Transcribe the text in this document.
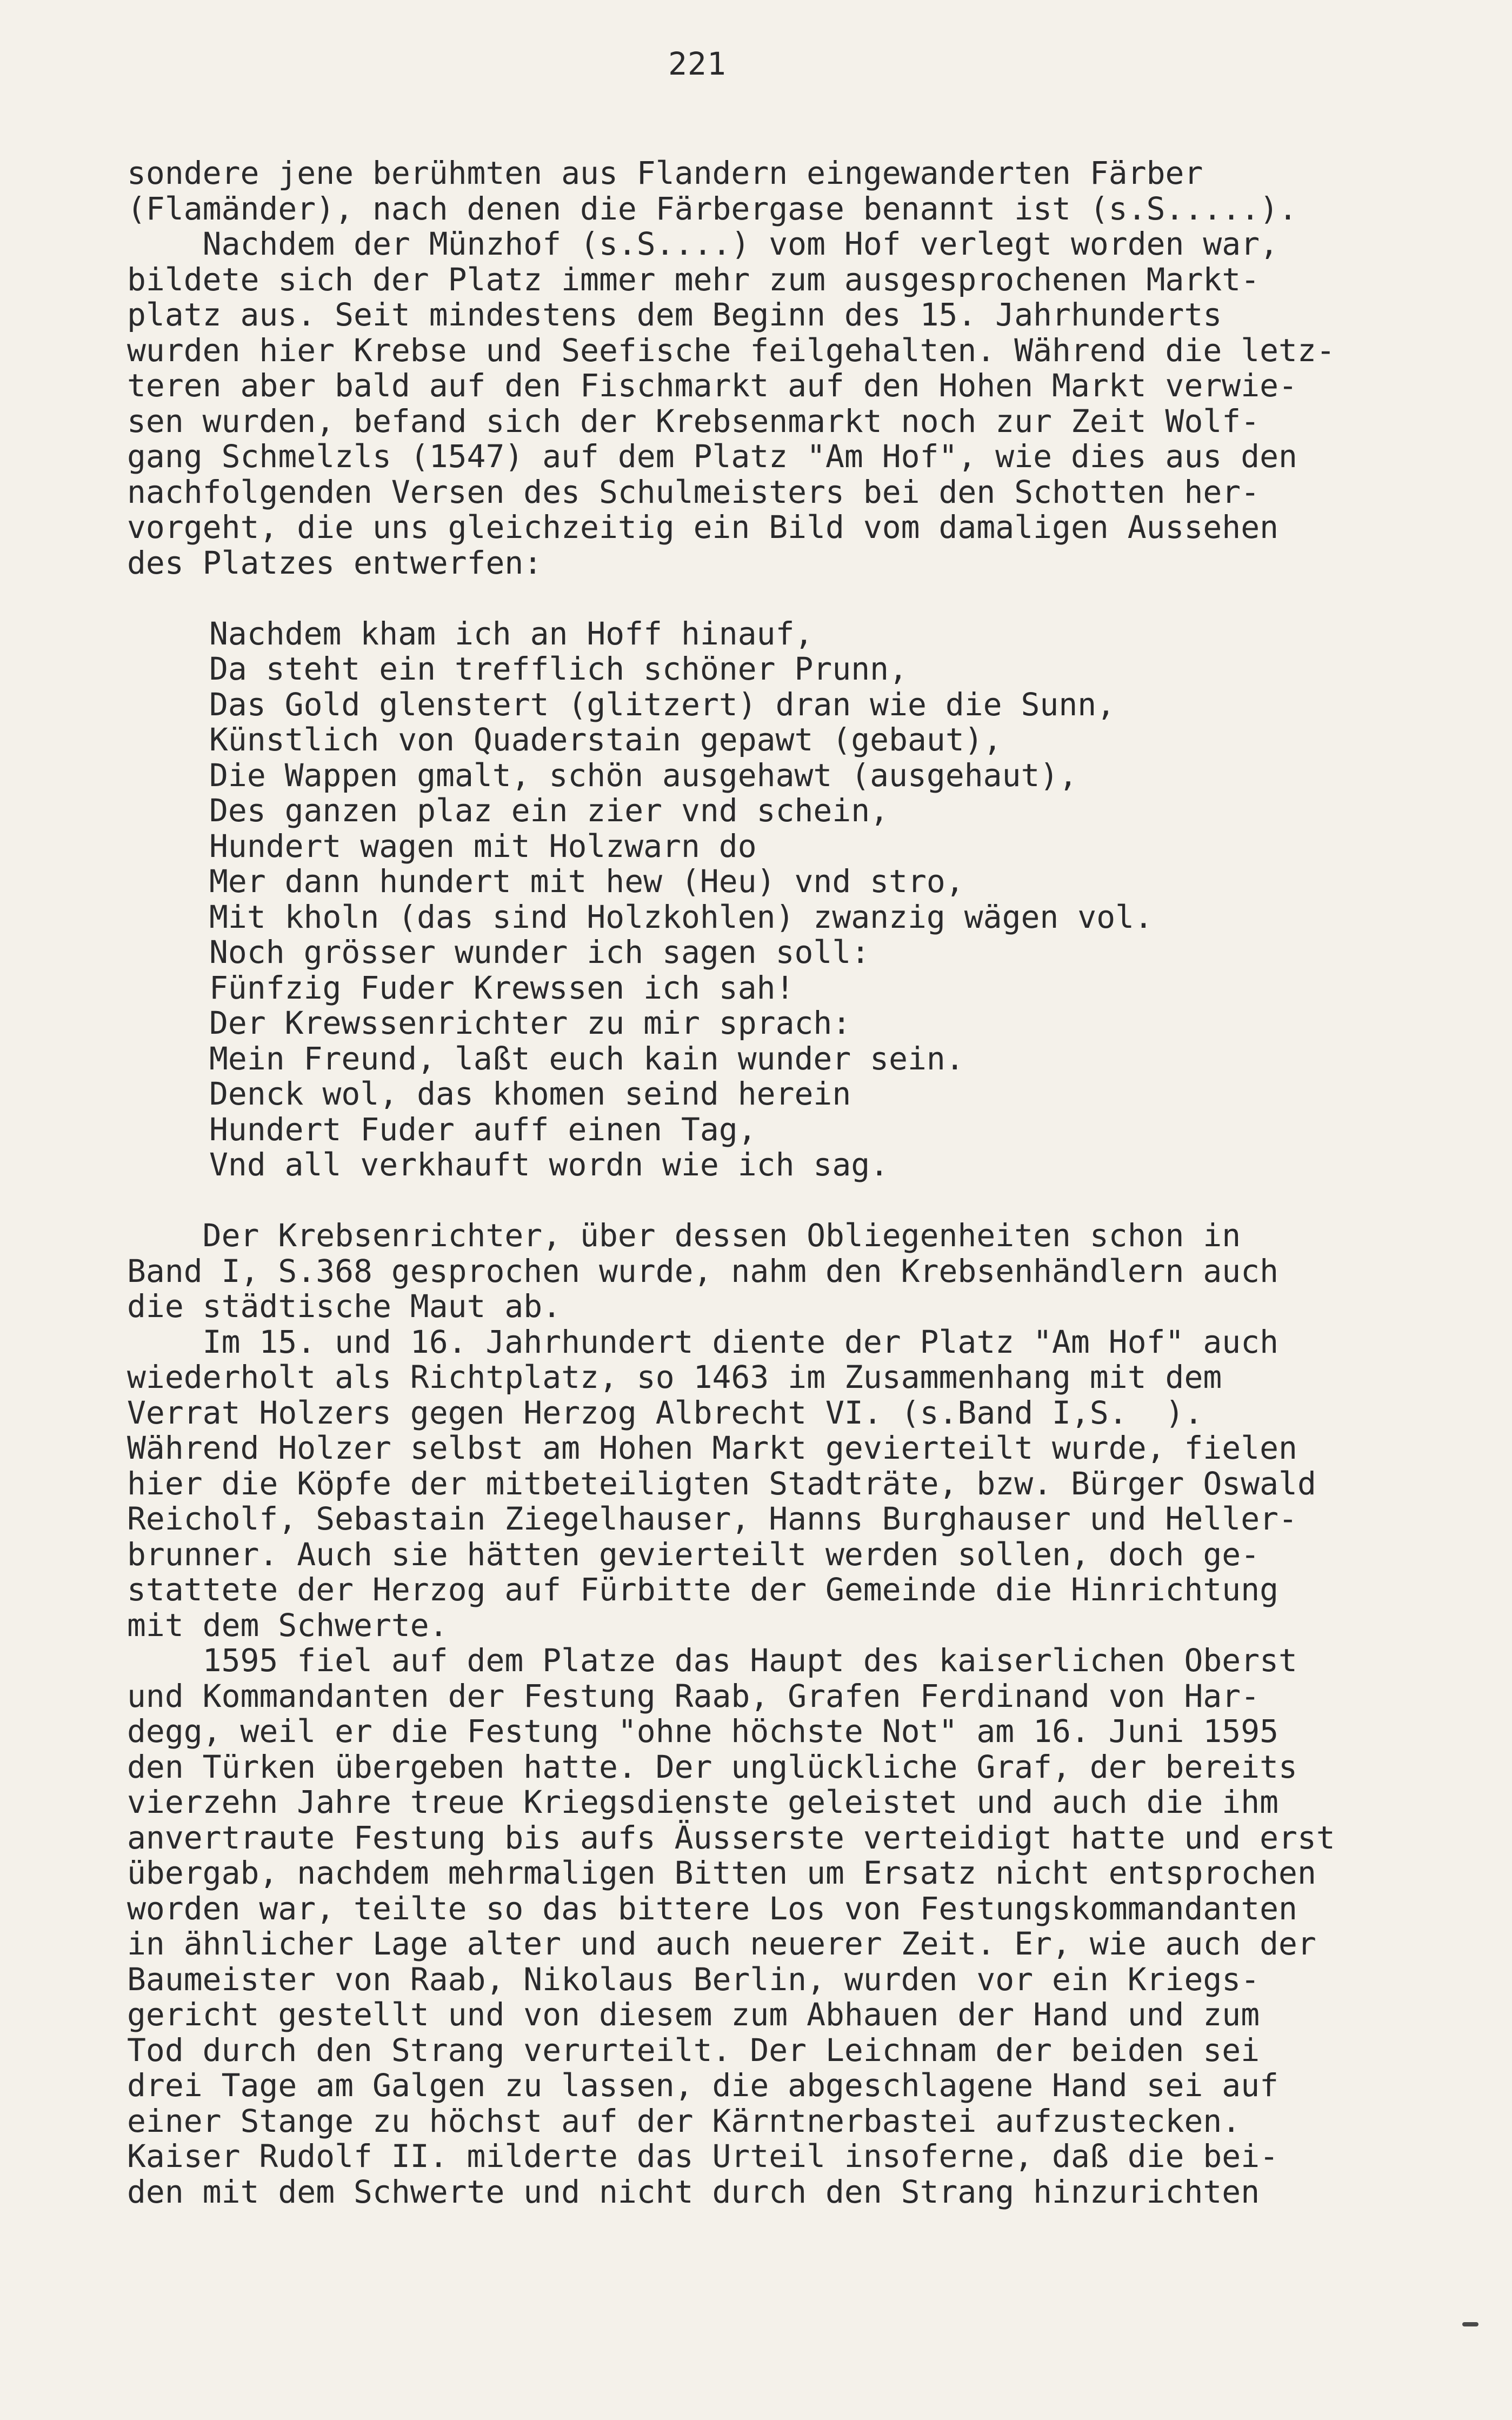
221
sondere jene berühmten aus Flandern eingewanderten Färber
(Flamänder), nach denen die Färbergase benannt ist (s.S.....).
Nachdem der Münzhof (s.S....) vom Hof verlegt worden war,
bildete sich der Platz immer mehr zum ausgesprochenen Markt-
platz aus. Seit mindestens dem Beginn des 15. Jahrhunderts
wurden hier Krebse und Seefische feilgehalten. Während die letz-
teren aber bald auf den Fischmarkt auf den Hohen Markt verwie-
sen wurden, befand sich der Krebsenmarkt noch zur Zeit Wolf-
gang Schmelzls (1547) auf dem Platz "Am Hof", wie dies aus den
nachfolgenden Versen des Schulmeisters bei den Schotten her-
vorgeht, die uns gleichzeitig ein Bild vom damaligen Aussehen
des Platzes entwerfen:
Nachdem kham ich an Hoff hinauf,
Da steht ein trefflich schöner Prunn,
Das Gold glenstert (glitzert) dran wie die Sunn,
Künstlich von Quaderstain gepawt (gebaut),
Die Wappen gmalt, schön ausgehawt (ausgehaut),
Des ganzen plaz ein zier vnd schein,
Hundert wagen mit Holzwarn do
Mer dann hundert mit hew (Heu) vnd stro,
Mit kholn (das sind Holzkohlen) zwanzig wägen vol.
Noch grösser wunder ich sagen soll:
Fünfzig Fuder Krewssen ich sah!
Der Krewssenrichter zu mir sprach:
Mein Freund, laßt euch kain wunder sein.
Denck wol, das khomen seind herein
Hundert Fuder auff einen Tag,
Vnd all verkhauft wordn wie ich sag.
Der Krebsenrichter, über dessen Obliegenheiten schon in
Band I, S.368 gesprochen wurde, nahm den Krebsenhändlern auch
die städtische Maut ab.
Im 15. und 16. Jahrhundert diente der Platz "Am Hof" auch
wiederholt als Richtplatz, so 1463 im Zusammenhang mit dem
Verrat Holzers gegen Herzog Albrecht VI. (s.Band I,S.  ).
Während Holzer selbst am Hohen Markt gevierteilt wurde, fielen
hier die Köpfe der mitbeteiligten Stadträte, bzw. Bürger Oswald
Reicholf, Sebastain Ziegelhauser, Hanns Burghauser und Heller-
brunner. Auch sie hätten gevierteilt werden sollen, doch ge-
stattete der Herzog auf Fürbitte der Gemeinde die Hinrichtung
mit dem Schwerte.
1595 fiel auf dem Platze das Haupt des kaiserlichen Oberst
und Kommandanten der Festung Raab, Grafen Ferdinand von Har-
degg, weil er die Festung "ohne höchste Not" am 16. Juni 1595
den Türken übergeben hatte. Der unglückliche Graf, der bereits
vierzehn Jahre treue Kriegsdienste geleistet und auch die ihm
anvertraute Festung bis aufs Äusserste verteidigt hatte und erst
übergab, nachdem mehrmaligen Bitten um Ersatz nicht entsprochen
worden war, teilte so das bittere Los von Festungskommandanten
in ähnlicher Lage alter und auch neuerer Zeit. Er, wie auch der
Baumeister von Raab, Nikolaus Berlin, wurden vor ein Kriegs-
gericht gestellt und von diesem zum Abhauen der Hand und zum
Tod durch den Strang verurteilt. Der Leichnam der beiden sei
drei Tage am Galgen zu lassen, die abgeschlagene Hand sei auf
einer Stange zu höchst auf der Kärntnerbastei aufzustecken.
Kaiser Rudolf II. milderte das Urteil insoferne, daß die bei-
den mit dem Schwerte und nicht durch den Strang hinzurichten
